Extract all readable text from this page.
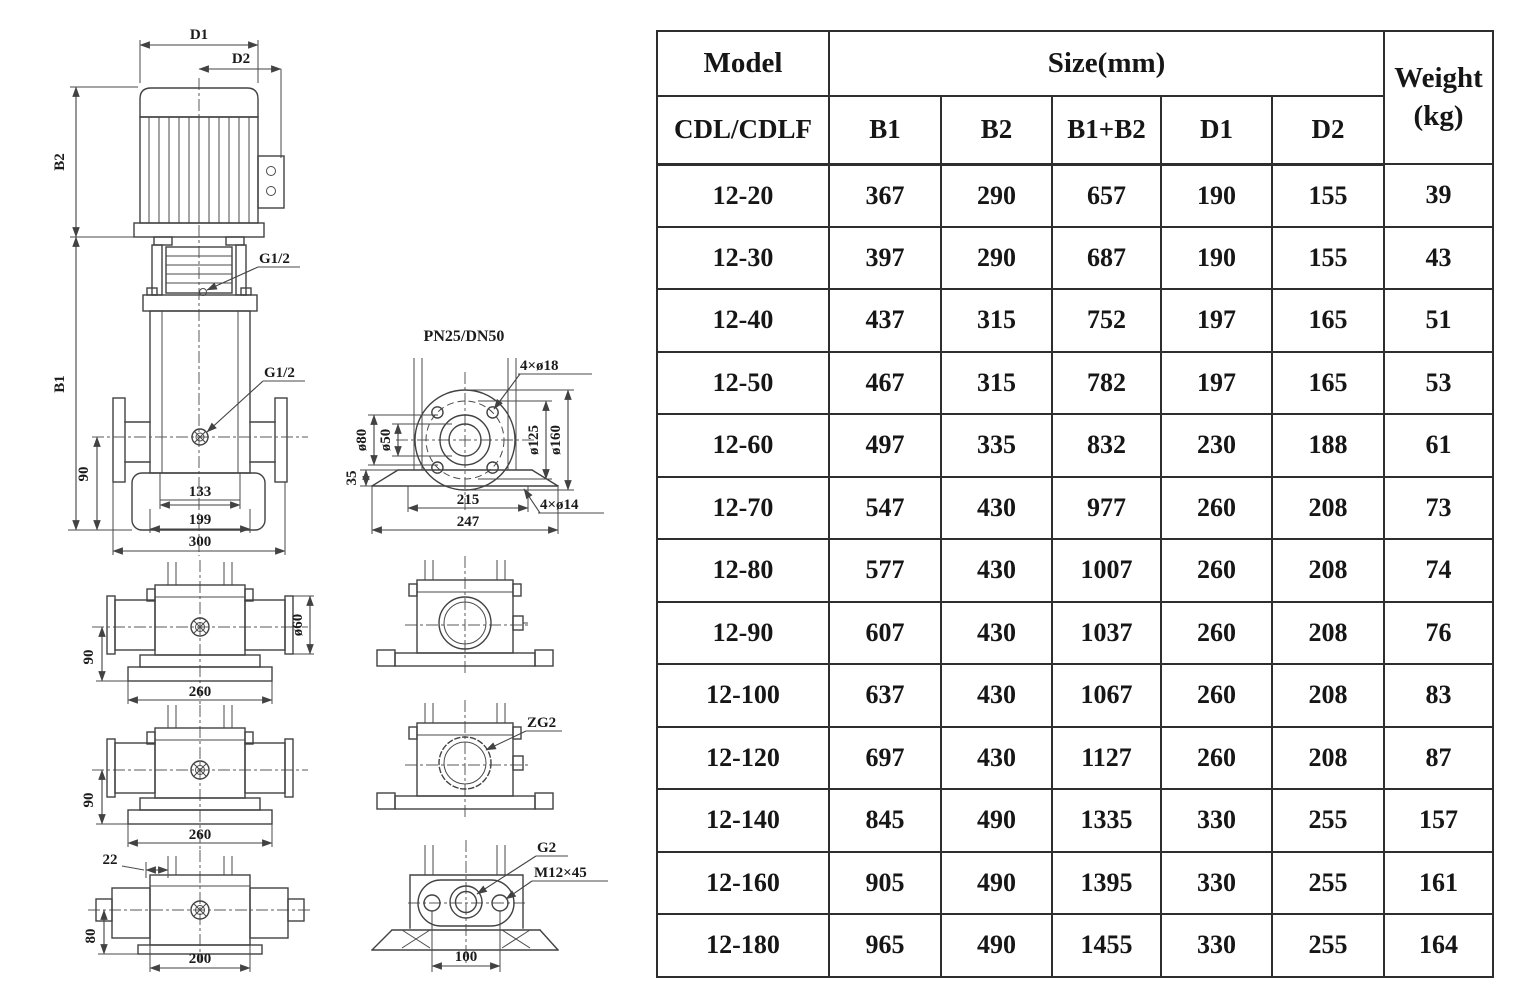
D1
D2
B2
B1
G1/2
G1/2
90
133
199
300
PN25/DN50
ø80 ø50	ø125 ø160
4×ø18
35
215
247
4×ø14
90
ø60
260
90
260
22
80
200
ZG2
100
G2
M12×45
Model	Size(mm)					Weight
(kg)

CDL/CDLF	B1	B2	B1+B2	D1	D2	
12-20	367	290	657	190	155	39
12-30	397	290	687	190	155	43
12-40	437	315	752	197	165	51
12-50	467	315	782	197	165	53
12-60	497	335	832	230	188	61
12-70	547	430	977	260	208	73
12-80	577	430	1007	260	208	74
12-90	607	430	1037	260	208	76
12-100	637	430	1067	260	208	83
12-120	697	430	1127	260	208	87
12-140	845	490	1335	330	255	157
12-160	905	490	1395	330	255	161
12-180	965	490	1455	330	255	164
